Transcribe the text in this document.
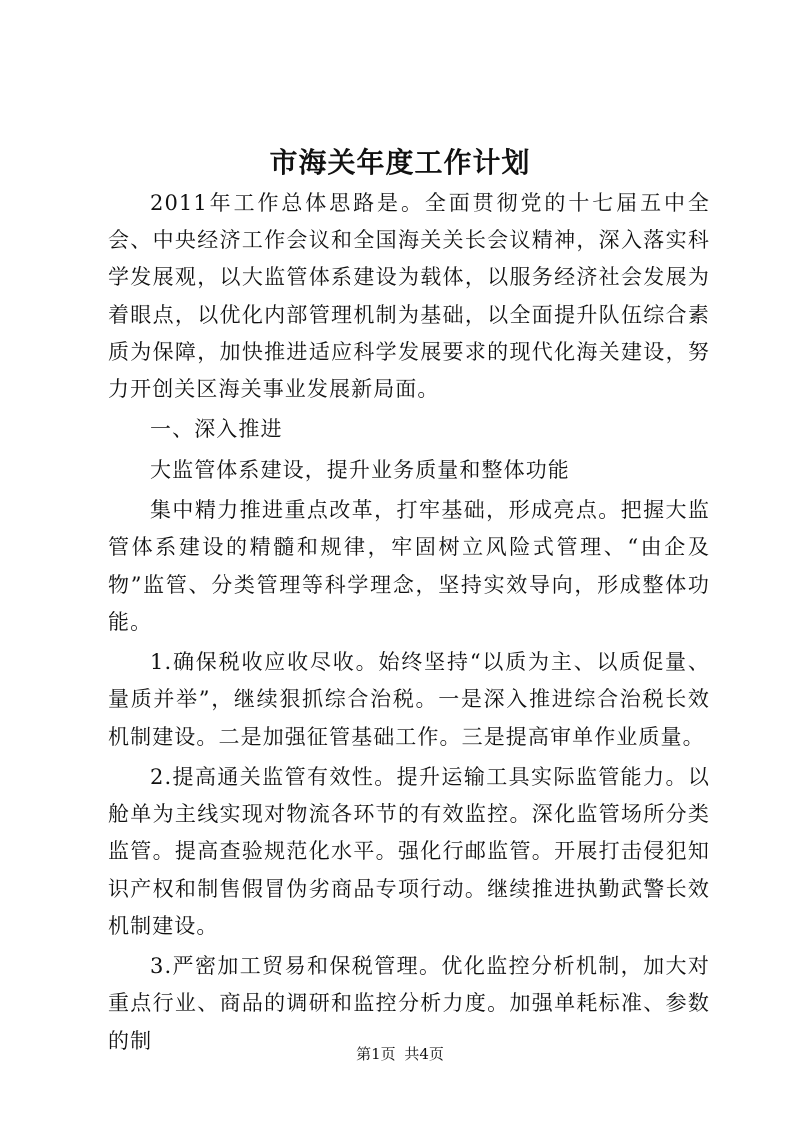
市海关年度工作计划

2011年工作总体思路是。全面贯彻党的十七届五中全会、中央经济工作会议和全国海关关长会议精神，深入落实科学发展观，以大监管体系建设为载体，以服务经济社会发展为着眼点，以优化内部管理机制为基础，以全面提升队伍综合素质为保障，加快推进适应科学发展要求的现代化海关建设，努力开创关区海关事业发展新局面。

一、深入推进

大监管体系建设，提升业务质量和整体功能

集中精力推进重点改革，打牢基础，形成亮点。把握大监管体系建设的精髓和规律，牢固树立风险式管理、“由企及物”监管、分类管理等科学理念，坚持实效导向，形成整体功能。

1.确保税收应收尽收。始终坚持“以质为主、以质促量、量质并举”，继续狠抓综合治税。一是深入推进综合治税长效机制建设。二是加强征管基础工作。三是提高审单作业质量。

2.提高通关监管有效性。提升运输工具实际监管能力。以舱单为主线实现对物流各环节的有效监控。深化监管场所分类监管。提高查验规范化水平。强化行邮监管。开展打击侵犯知识产权和制售假冒伪劣商品专项行动。继续推进执勤武警长效机制建设。

3.严密加工贸易和保税管理。优化监控分析机制，加大对重点行业、商品的调研和监控分析力度。加强单耗标准、参数的制

第1页 共4页
